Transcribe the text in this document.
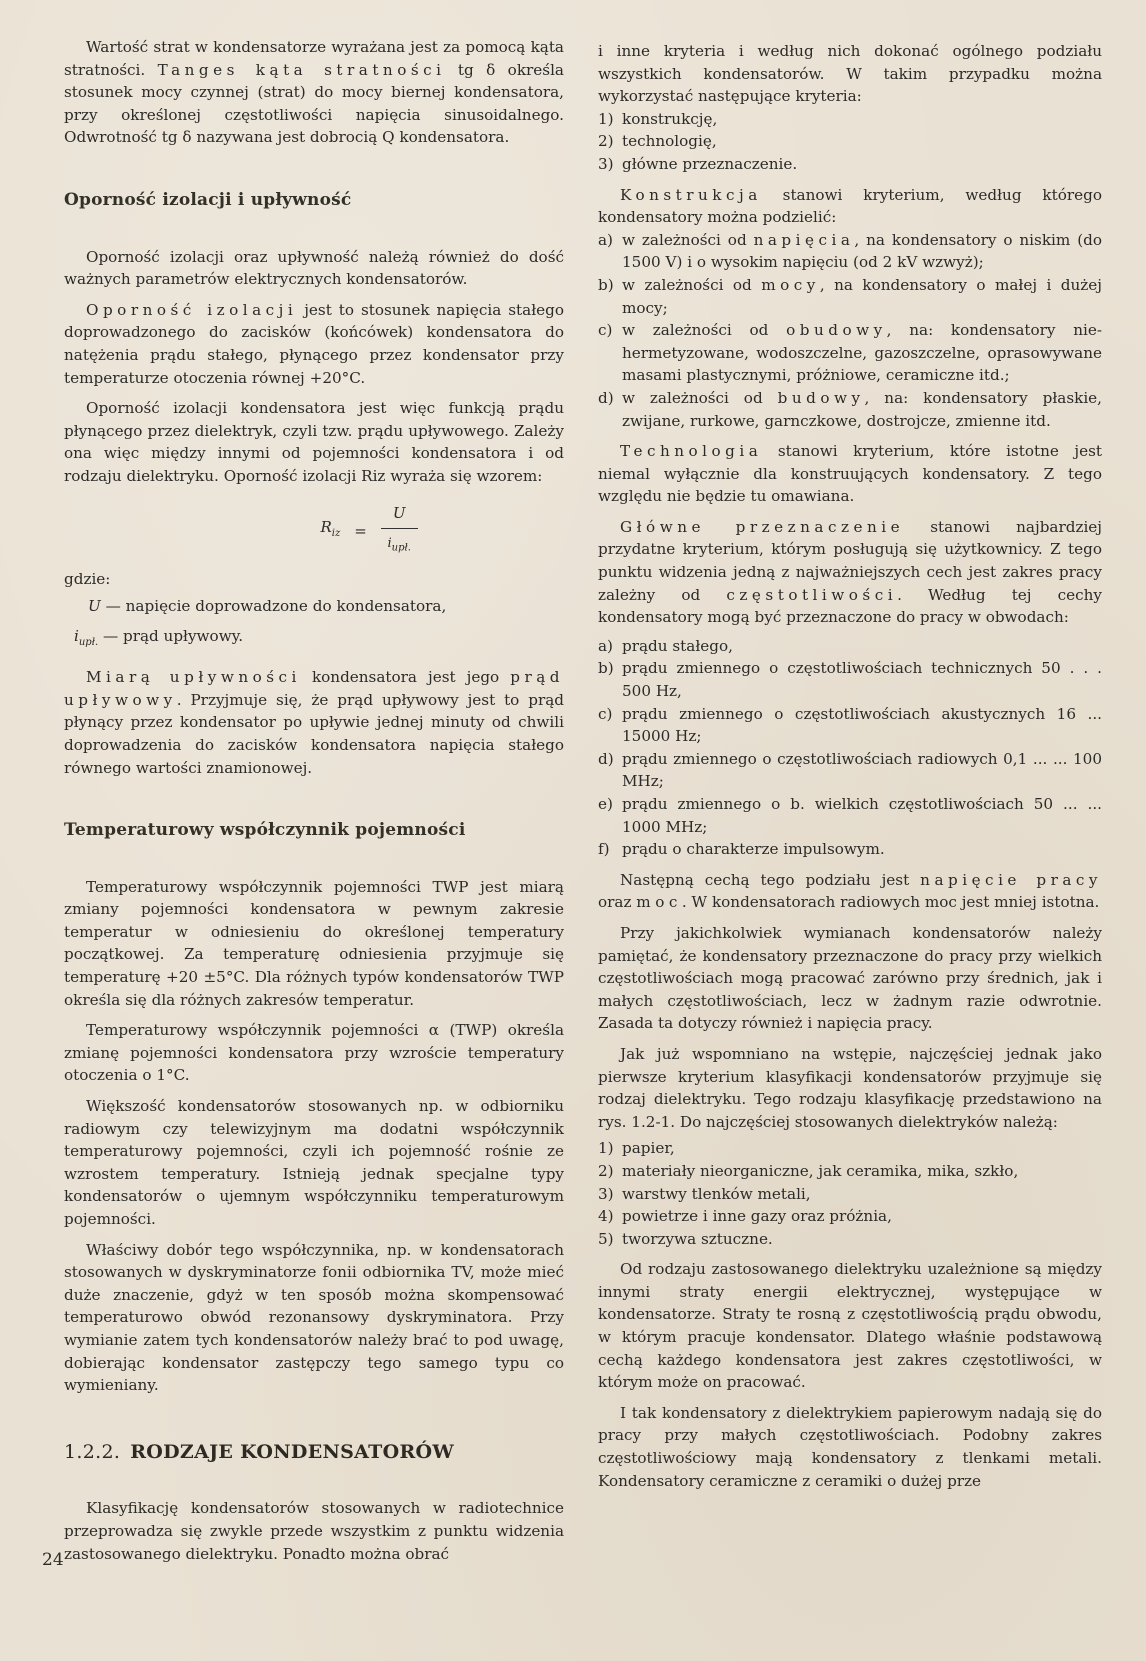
Wartość strat w kondensatorze wyrażana jest za pomocą kąta stratności. Tanges kąta stratności tg δ określa stosunek mocy czynnej (strat) do mocy biernej kondensatora, przy określonej częstotliwości napięcia sinusoidalnego. Odwrotność tg δ nazywana jest dobrocią Q kondensatora.

Oporność izolacji i upływność

Oporność izolacji oraz upływność należą również do dość ważnych parametrów elektrycznych kondensatorów.

Oporność izolacji jest to stosunek napięcia stałego doprowadzonego do zacisków (końcówek) kondensatora do natężenia prądu stałego, płynącego przez kondensator przy temperaturze otoczenia równej +20°C.

Oporność izolacji kondensatora jest więc funkcją prądu płynącego przez dielektryk, czyli tzw. prądu upływowego. Zależy ona więc między innymi od pojemności kondensatora i od rodzaju dielektryku. Oporność izolacji Riz wyraża się wzorem:

$R_{iz} = \frac{U}{i_{upł.}}$
gdzie:
U — napięcie doprowadzone do kondensatora,
$i_{upł.}$ — prąd upływowy.

Miarą upływności kondensatora jest jego prąd upływowy. Przyjmuje się, że prąd upływowy jest to prąd płynący przez kondensator po upływie jednej minuty od chwili doprowadzenia do zacisków kondensatora napięcia stałego równego wartości znamionowej.

Temperaturowy współczynnik pojemności

Temperaturowy współczynnik pojemności TWP jest miarą zmiany pojemności kondensatora w pewnym zakresie temperatur w odniesieniu do określonej temperatury początkowej. Za temperaturę odniesienia przyjmuje się temperaturę +20 ±5°C. Dla różnych typów kondensatorów TWP określa się dla różnych zakresów temperatur.

Temperaturowy współczynnik pojemności α (TWP) określa zmianę pojemności kondensatora przy wzroście temperatury otoczenia o 1°C.

Większość kondensatorów stosowanych np. w odbiorniku radiowym czy telewizyjnym ma dodatni współczynnik temperaturowy pojemności, czyli ich pojemność rośnie ze wzrostem temperatury. Istnieją jednak specjalne typy kondensatorów o ujemnym współczynniku temperaturowym pojemności.

Właściwy dobór tego współczynnika, np. w kondensatorach stosowanych w dyskryminatorze fonii odbiornika TV, może mieć duże znaczenie, gdyż w ten sposób można skompensować temperaturowo obwód rezonansowy dyskryminatora. Przy wymianie zatem tych kondensatorów należy brać to pod uwagę, dobierając kondensator zastępczy tego samego typu co wymieniany.

1.2.2. RODZAJE KONDENSATORÓW

Klasyfikację kondensatorów stosowanych w radiotechnice przeprowadza się zwykle przede wszystkim z punktu widzenia zastosowanego dielektryku. Ponadto można obrać

i inne kryteria i według nich dokonać ogólnego podziału wszystkich kondensatorów. W takim przypadku można wykorzystać następujące kryteria:

1) konstrukcję,
2) technologię,
3) główne przeznaczenie.

Konstrukcja stanowi kryterium, według którego kondensatory można podzielić:

a) w zależności od napięcia, na kondensatory o niskim (do 1500 V) i o wysokim napięciu (od 2 kV wzwyż);
b) w zależności od mocy, na kondensatory o małej i dużej mocy;
c) w zależności od obudowy, na: kondensatory niehermetyzowane, wodoszczelne, gazoszczelne, oprasowywane masami plastycznymi, próżniowe, ceramiczne itd.;
d) w zależności od budowy, na: kondensatory płaskie, zwijane, rurkowe, garnczkowe, dostrojcze, zmienne itd.

Technologia stanowi kryterium, które istotne jest niemal wyłącznie dla konstruujących kondensatory. Z tego względu nie będzie tu omawiana.

Główne przeznaczenie stanowi najbardziej przydatne kryterium, którym posługują się użytkownicy. Z tego punktu widzenia jedną z najważniejszych cech jest zakres pracy zależny od częstotliwości. Według tej cechy kondensatory mogą być przeznaczone do pracy w obwodach:

a) prądu stałego,
b) prądu zmiennego o częstotliwościach technicznych 50 . . . 500 Hz,
c) prądu zmiennego o częstotliwościach akustycznych 16 ... 15000 Hz;
d) prądu zmiennego o częstotliwościach radiowych 0,1 ... ... 100 MHz;
e) prądu zmiennego o b. wielkich częstotliwościach 50 ... ... 1000 MHz;
f) prądu o charakterze impulsowym.

Następną cechą tego podziału jest napięcie pracy oraz moc. W kondensatorach radiowych moc jest mniej istotna.

Przy jakichkolwiek wymianach kondensatorów należy pamiętać, że kondensatory przeznaczone do pracy przy wielkich częstotliwościach mogą pracować zarówno przy średnich, jak i małych częstotliwościach, lecz w żadnym razie odwrotnie. Zasada ta dotyczy również i napięcia pracy.

Jak już wspomniano na wstępie, najczęściej jednak jako pierwsze kryterium klasyfikacji kondensatorów przyjmuje się rodzaj dielektryku. Tego rodzaju klasyfikację przedstawiono na rys. 1.2-1. Do najczęściej stosowanych dielektryków należą:

1) papier,
2) materiały nieorganiczne, jak ceramika, mika, szkło,
3) warstwy tlenków metali,
4) powietrze i inne gazy oraz próżnia,
5) tworzywa sztuczne.

Od rodzaju zastosowanego dielektryku uzależnione są między innymi straty energii elektrycznej, występujące w kondensatorze. Straty te rosną z częstotliwością prądu obwodu, w którym pracuje kondensator. Dlatego właśnie podstawową cechą każdego kondensatora jest zakres częstotliwości, w którym może on pracować.

I tak kondensatory z dielektrykiem papierowym nadają się do pracy przy małych częstotliwościach. Podobny zakres częstotliwościowy mają kondensatory z tlenkami metali. Kondensatory ceramiczne z ceramiki o dużej prze

24
